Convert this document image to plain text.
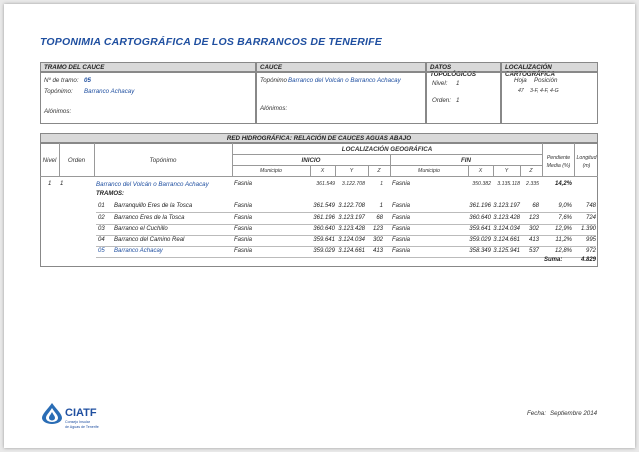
TOPONIMIA CARTOGRÁFICA DE LOS BARRANCOS DE TENERIFE
TRAMO DEL CAUCE	CAUCE	DATOS TOPOLÓGICOS
LOCALIZACIÓN CARTOGRÁFICA
Nº de tramo: 05
Topónimo: Barranco Achacay
Alónimos:
Topónimo Barranco del Volcán o Barranco Achacay
Alónimos:
Nivel: 1
Orden: 1
Hoja Posición
47 3-F, 4-F, 4-G
RED HIDROGRÁFICA: RELACIÓN DE CAUCES AGUAS ABAJO
Nivel	Orden	Topónimo
LOCALIZACIÓN GEOGRÁFICA
INICIO	FIN
Municipio	X	Y	Z	Municipio	X	Y	Z
Pendiente Media (%)
Longitud (m)
1 1	Barranco del Volcán o Barranco Achacay	Fasnia	361.549	3.122.708	1 Fasnia	350.382	3.135.118	2.335	14,2%
TRAMOS:
01 Barranquillo Eres de la Tosca	Fasnia	361.549 3.122.708	1 Fasnia	361.196 3.123.197	68	9,0%	748
02 Barranco Eres de la Tosca	Fasnia	361.196 3.123.197	68 Fasnia	360.640 3.123.428	123	7,6%	724
03 Barranco el Cuchillo	Fasnia	360.640 3.123.428	123 Fasnia	359.641 3.124.034	302	12,9%	1.390
04 Barranco del Camino Real	Fasnia	359.641 3.124.034	302 Fasnia	359.029 3.124.661	413	11,2%	995
05 Barranco Achacay	Fasnia	359.029 3.124.661	413 Fasnia	358.349 3.125.941	537	12,8%	972
Suma:	4.829
CIATF
Consejo Insular
de Aguas de Tenerife
Fecha: Septiembre 2014
